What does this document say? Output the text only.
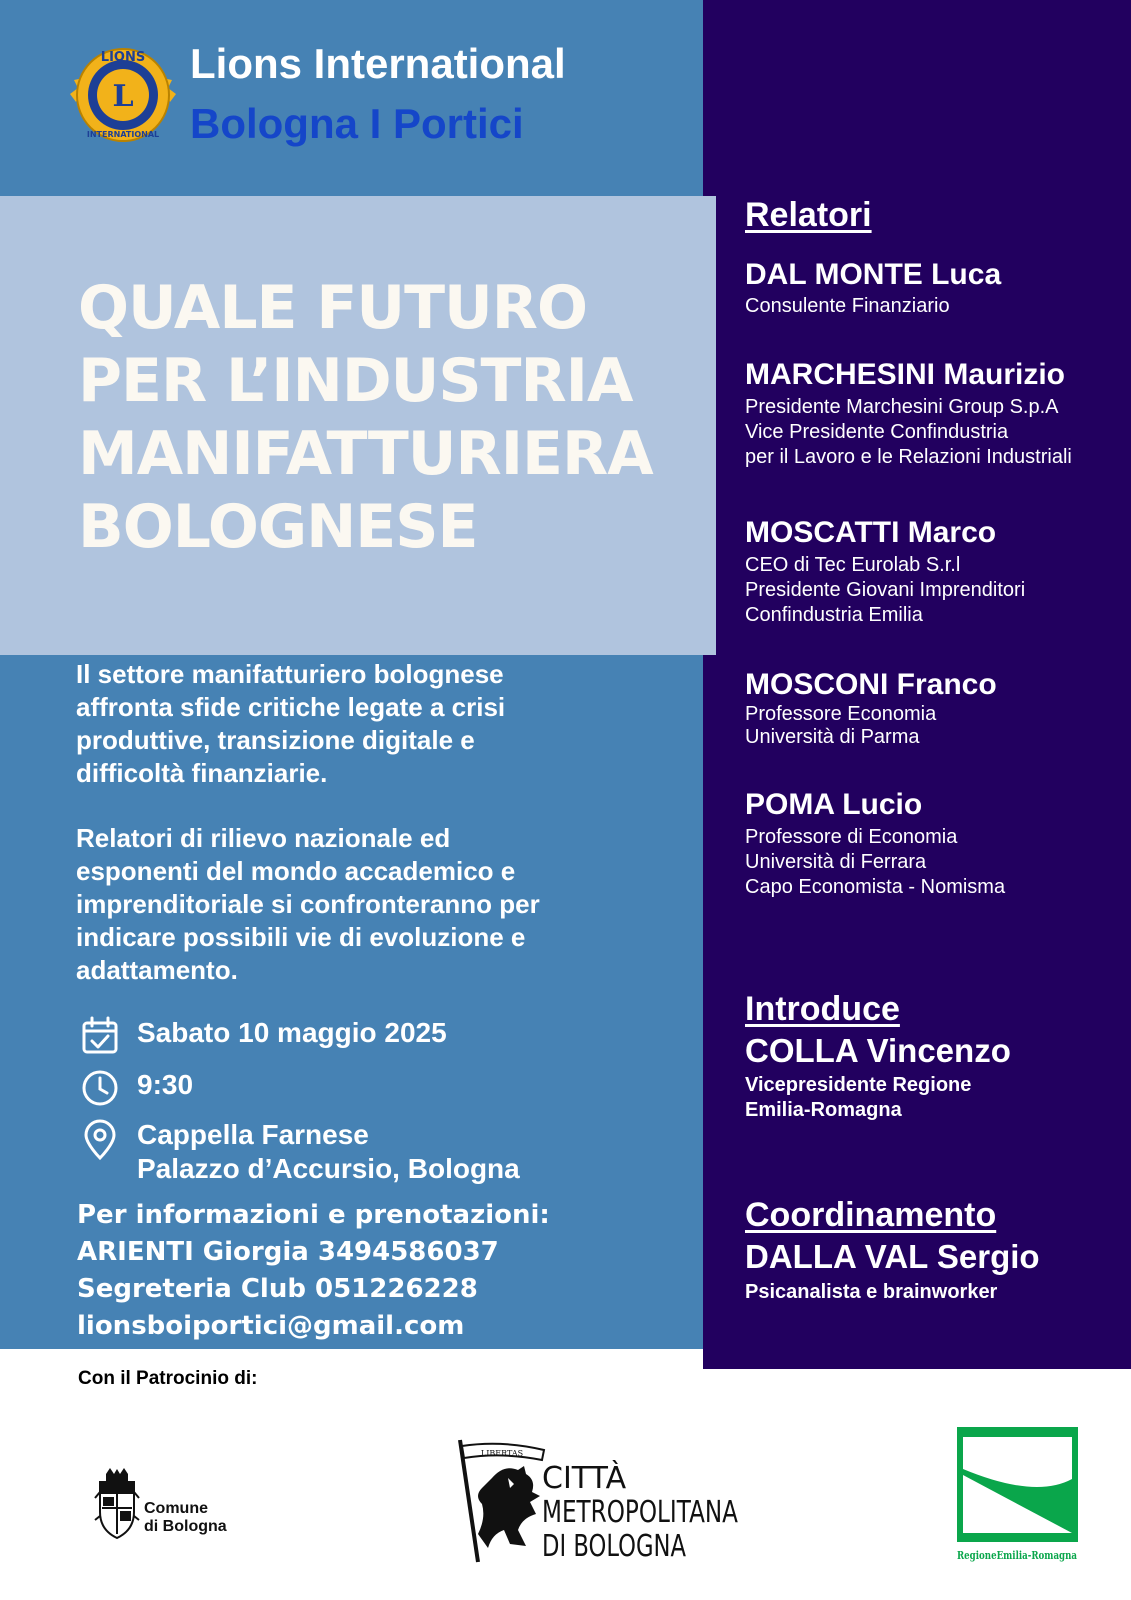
LIONS
L
INTERNATIONAL
Lions International
Bologna I Portici
QUALE FUTURO
PER L’INDUSTRIA
MANIFATTURIERA
BOLOGNESE
Il settore manifatturiero bolognese
affronta sfide critiche legate a crisi
produttive, transizione digitale e
difficoltà finanziarie.
Relatori di rilievo nazionale ed
esponenti del mondo accademico e
imprenditoriale si confronteranno per
indicare possibili vie di evoluzione e
adattamento.
Sabato 10 maggio 2025
9:30
Cappella Farnese
Palazzo d’Accursio, Bologna
Per informazioni e prenotazioni:
ARIENTI Giorgia 3494586037
Segreteria Club 051226228
lionsboiportici@gmail.com
Relatori
DAL MONTE Luca
Consulente Finanziario
MARCHESINI Maurizio
Presidente Marchesini Group S.p.A
Vice Presidente Confindustria
per il Lavoro e le Relazioni Industriali
MOSCATTI Marco
CEO di Tec Eurolab S.r.l
Presidente Giovani Imprenditori
Confindustria Emilia
MOSCONI Franco
Professore Economia
Università di Parma
POMA Lucio
Professore di Economia
Università di Ferrara
Capo Economista - Nomisma
Introduce
COLLA Vincenzo
Vicepresidente Regione
Emilia-Romagna
Coordinamento
DALLA VAL Sergio
Psicanalista e brainworker
Con il Patrocinio di:
Comune
di Bologna
LIBERTAS
CITTÀ
METROPOLITANA
DI BOLOGNA	RegioneEmilia-Romagna
